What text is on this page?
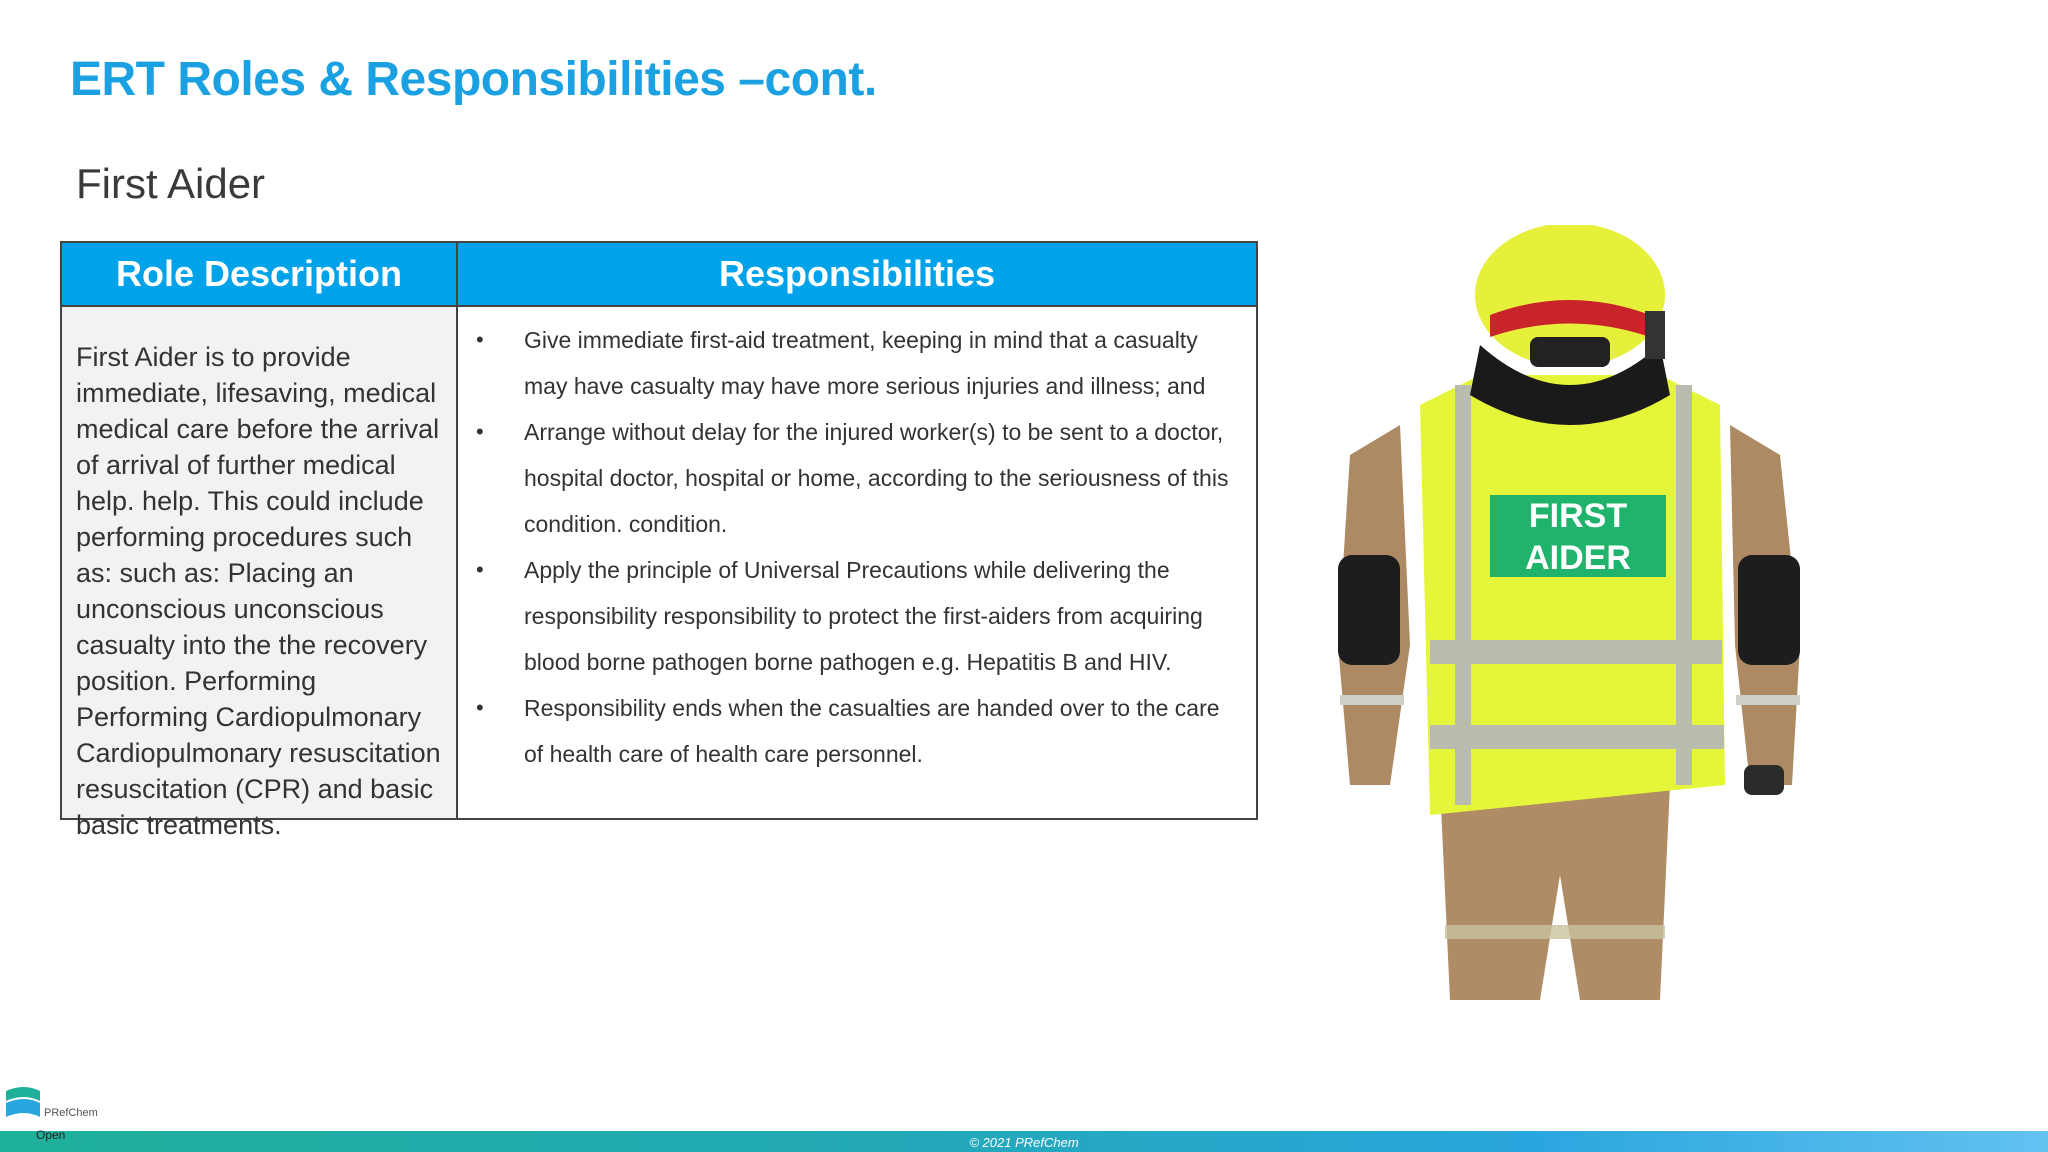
ERT Roles & Responsibilities –cont.
First Aider
Role Description	Responsibilities
First Aider is to provide immediate, lifesaving, medical medical care before the arrival of arrival of further medical help. help. This could include performing procedures such as: such as: Placing an unconscious unconscious casualty into the the recovery position. Performing Performing Cardiopulmonary Cardiopulmonary resuscitation resuscitation (CPR) and basic basic treatments.
• Give immediate first-aid treatment, keeping in mind that a casualty may have casualty may have more serious injuries and illness; and
• Arrange without delay for the injured worker(s) to be sent to a doctor, hospital doctor, hospital or home, according to the seriousness of this condition. condition.
• Apply the principle of Universal Precautions while delivering the responsibility responsibility to protect the first-aiders from acquiring blood borne pathogen borne pathogen e.g. Hepatitis B and HIV.
• Responsibility ends when the casualties are handed over to the care of health care of health care personnel.
FIRST
AIDER
PRefChem
Open	© 2021 PRefChem
